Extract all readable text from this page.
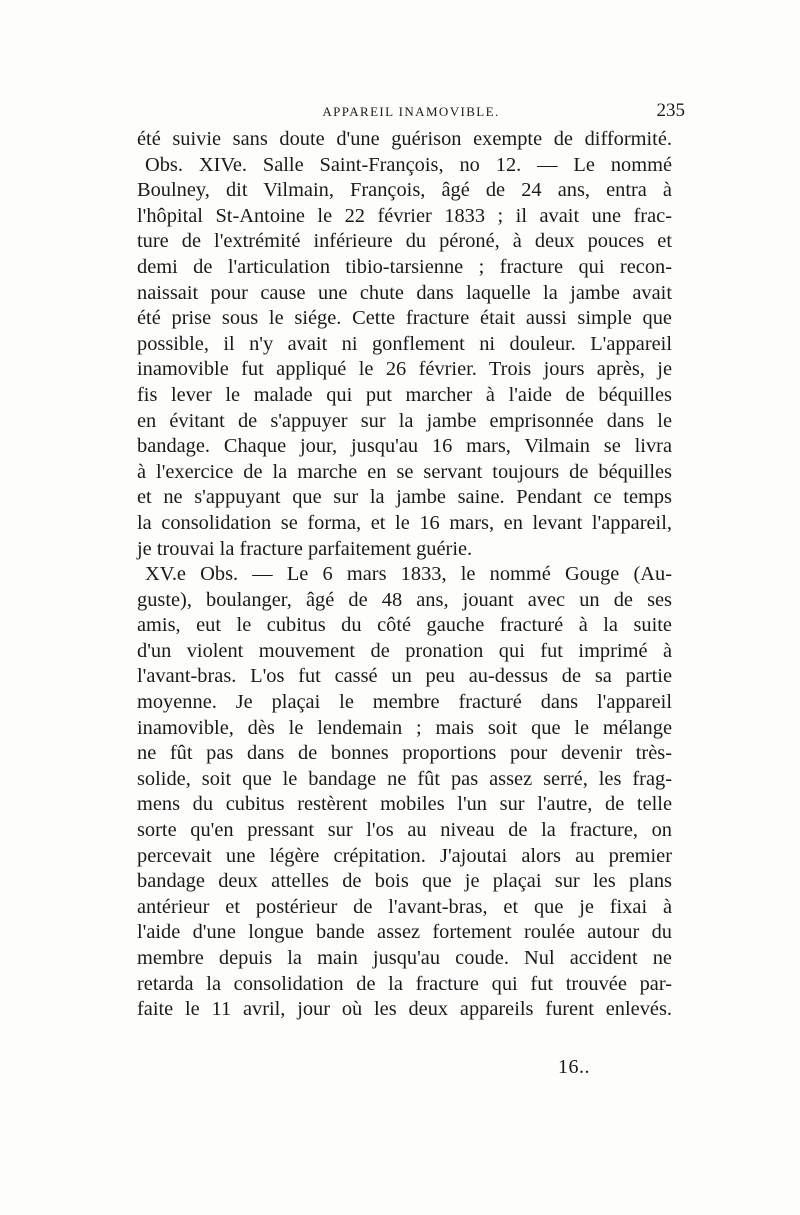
APPAREIL INAMOVIBLE.	235
été suivie sans doute d'une guérison exempte de difformité.
Obs. XIVe. Salle Saint-François, no 12. — Le nommé
Boulney, dit Vilmain, François, âgé de 24 ans, entra à
l'hôpital St-Antoine le 22 février 1833 ; il avait une frac-
ture de l'extrémité inférieure du péroné, à deux pouces et
demi de l'articulation tibio-tarsienne ; fracture qui recon-
naissait pour cause une chute dans laquelle la jambe avait
été prise sous le siége. Cette fracture était aussi simple que
possible, il n'y avait ni gonflement ni douleur. L'appareil
inamovible fut appliqué le 26 février. Trois jours après, je
fis lever le malade qui put marcher à l'aide de béquilles
en évitant de s'appuyer sur la jambe emprisonnée dans le
bandage. Chaque jour, jusqu'au 16 mars, Vilmain se livra
à l'exercice de la marche en se servant toujours de béquilles
et ne s'appuyant que sur la jambe saine. Pendant ce temps
la consolidation se forma, et le 16 mars, en levant l'appareil,
je trouvai la fracture parfaitement guérie.
XV.e Obs. — Le 6 mars 1833, le nommé Gouge (Au-
guste), boulanger, âgé de 48 ans, jouant avec un de ses
amis, eut le cubitus du côté gauche fracturé à la suite
d'un violent mouvement de pronation qui fut imprimé à
l'avant-bras. L'os fut cassé un peu au-dessus de sa partie
moyenne. Je plaçai le membre fracturé dans l'appareil
inamovible, dès le lendemain ; mais soit que le mélange
ne fût pas dans de bonnes proportions pour devenir très-
solide, soit que le bandage ne fût pas assez serré, les frag-
mens du cubitus restèrent mobiles l'un sur l'autre, de telle
sorte qu'en pressant sur l'os au niveau de la fracture, on
percevait une légère crépitation. J'ajoutai alors au premier
bandage deux attelles de bois que je plaçai sur les plans
antérieur et postérieur de l'avant-bras, et que je fixai à
l'aide d'une longue bande assez fortement roulée autour du
membre depuis la main jusqu'au coude. Nul accident ne
retarda la consolidation de la fracture qui fut trouvée par-
faite le 11 avril, jour où les deux appareils furent enlevés.
16..
